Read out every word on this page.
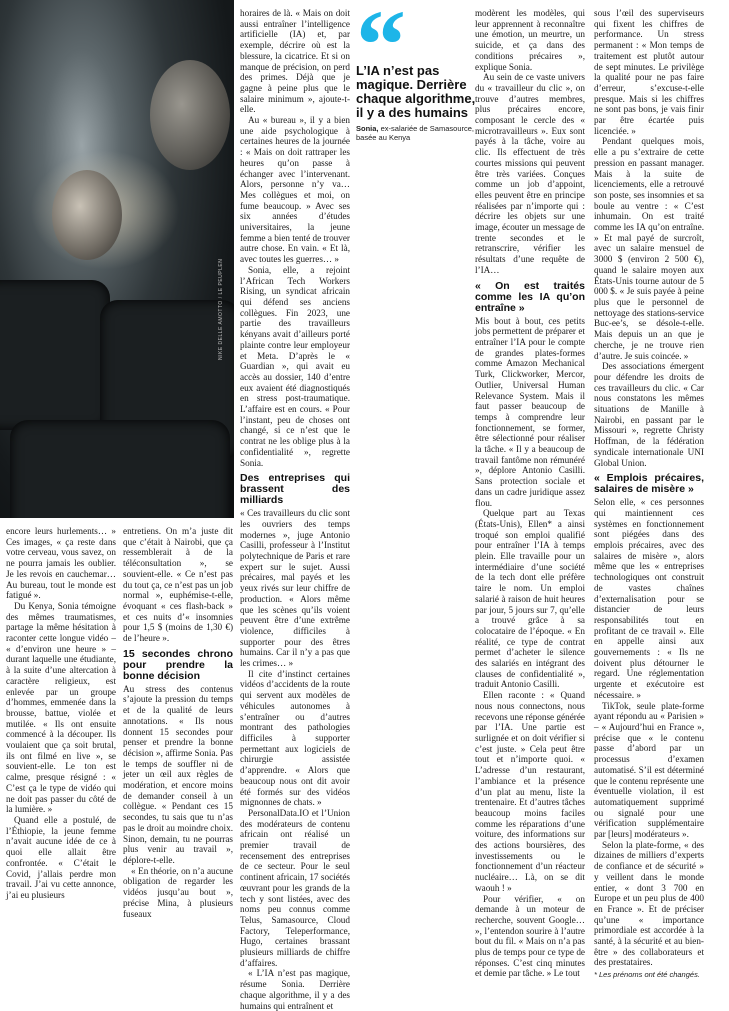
NIKE DELLE AMOTTO / LE PEUPLEN
L’IA n’est pas magique. Derrière chaque algorithme, il y a des humains
Sonia, ex-salariée de Samasource, basée au Kenya

encore leurs hurlements… » Ces images, « ça reste dans votre cerveau, vous savez, on ne pourra jamais les oublier. Je les revois en cauchemar… Au bureau, tout le monde est fatigué ».

Du Kenya, Sonia témoigne des mêmes traumatismes, partage la même hésitation à raconter cette longue vidéo – « d’environ une heure » – durant laquelle une étudiante, à la suite d’une altercation à caractère religieux, est enlevée par un groupe d’hommes, emmenée dans la brousse, battue, violée et mutilée. « Ils ont ensuite commencé à la découper. Ils voulaient que ça soit brutal, ils ont filmé en live », se souvient-elle. Le ton est calme, presque résigné : « C’est ça le type de vidéo qui ne doit pas passer du côté de la lumière. »

Quand elle a postulé, de l’Éthiopie, la jeune femme n’avait aucune idée de ce à quoi elle allait être confrontée. « C’était le Covid, j’allais perdre mon travail. J’ai vu cette annonce, j’ai eu plusieurs

entretiens. On m’a juste dit que c’était à Nairobi, que ça ressemblerait à de la téléconsultation », se souvient-elle. « Ce n’est pas du tout ça, ce n’est pas un job normal », euphémise-t-elle, évoquant « ces flash-back » et ces nuits d’« insomnies pour 1,5 $ (moins de 1,30 €) de l’heure ».

15 secondes chrono pour prendre la bonne décision

Au stress des contenus s’ajoute la pression du temps et de la qualité de leurs annotations. « Ils nous donnent 15 secondes pour penser et prendre la bonne décision », affirme Sonia. Pas le temps de souffler ni de jeter un œil aux règles de modération, et encore moins de demander conseil à un collègue. « Pendant ces 15 secondes, tu sais que tu n’as pas le droit au moindre choix. Sinon, demain, tu ne pourras plus venir au travail », déplore-t-elle.

« En théorie, on n’a aucune obligation de regarder les vidéos jusqu’au bout », précise Mina, à plusieurs fuseaux

horaires de là. « Mais on doit aussi entraîner l’intelligence artificielle (IA) et, par exemple, décrire où est la blessure, la cicatrice. Et si on manque de précision, on perd des primes. Déjà que je gagne à peine plus que le salaire minimum », ajoute-t-elle.

Au « bureau », il y a bien une aide psychologique à certaines heures de la journée : « Mais on doit rattraper les heures qu’on passe à échanger avec l’intervenant. Alors, personne n’y va… Mes collègues et moi, on fume beaucoup. » Avec ses six années d’études universitaires, la jeune femme a bien tenté de trouver autre chose. En vain. « Et là, avec toutes les guerres… »

Sonia, elle, a rejoint l’African Tech Workers Rising, un syndicat africain qui défend ses anciens collègues. Fin 2023, une partie des travailleurs kényans avait d’ailleurs porté plainte contre leur employeur et Meta. D’après le « Guardian », qui avait eu accès au dossier, 140 d’entre eux avaient été diagnostiqués en stress post-traumatique. L’affaire est en cours. « Pour l’instant, peu de choses ont changé, si ce n’est que le contrat ne les oblige plus à la confidentialité », regrette Sonia.

Des entreprises qui brassent des milliards

« Ces travailleurs du clic sont les ouvriers des temps modernes », juge Antonio Casilli, professeur à l’Institut polytechnique de Paris et rare expert sur le sujet. Aussi précaires, mal payés et les yeux rivés sur leur chiffre de production. « Alors même que les scènes qu’ils voient peuvent être d’une extrême violence, difficiles à supporter pour des êtres humains. Car il n’y a pas que les crimes… »

Il cite d’instinct certaines vidéos d’accidents de la route qui servent aux modèles de véhicules autonomes à s’entraîner ou d’autres montrant des pathologies difficiles à supporter permettant aux logiciels de chirurgie assistée d’apprendre. « Alors que beaucoup nous ont dit avoir été formés sur des vidéos mignonnes de chats. »

PersonalData.IO et l’Union des modérateurs de contenu africain ont réalisé un premier travail de recensement des entreprises de ce secteur. Pour le seul continent africain, 17 sociétés œuvrant pour les grands de la tech y sont listées, avec des noms peu connus comme Telus, Samasource, Cloud Factory, Teleperformance, Hugo, certaines brassant plusieurs milliards de chiffre d’affaires.

« L’IA n’est pas magique, résume Sonia. Derrière chaque algorithme, il y a des humains qui entraînent et

modèrent les modèles, qui leur apprennent à reconnaître une émotion, un meurtre, un suicide, et ça dans des conditions précaires », explique Sonia.

Au sein de ce vaste univers du « travailleur du clic », on trouve d’autres membres, plus précaires encore, composant le cercle des « microtravailleurs ». Eux sont payés à la tâche, voire au clic. Ils effectuent de très courtes missions qui peuvent être très variées. Conçues comme un job d’appoint, elles peuvent être en principe réalisées par n’importe qui : décrire les objets sur une image, écouter un message de trente secondes et le retranscrire, vérifier les résultats d’une requête de l’IA…

« On est traités comme les IA qu’on entraîne »

Mis bout à bout, ces petits jobs permettent de préparer et entraîner l’IA pour le compte de grandes plates-formes comme Amazon Mechanical Turk, Clickworker, Mercor, Outlier, Universal Human Relevance System. Mais il faut passer beaucoup de temps à comprendre leur fonctionnement, se former, être sélectionné pour réaliser la tâche. « Il y a beaucoup de travail fantôme non rémunéré », déplore Antonio Casilli. Sans protection sociale et dans un cadre juridique assez flou.

Quelque part au Texas (États-Unis), Ellen* a ainsi troqué son emploi qualifié pour entraîner l’IA à temps plein. Elle travaille pour un intermédiaire d’une société de la tech dont elle préfère taire le nom. Un emploi salarié à raison de huit heures par jour, 5 jours sur 7, qu’elle a trouvé grâce à sa colocataire de l’époque. « En réalité, ce type de contrat permet d’acheter le silence des salariés en intégrant des clauses de confidentialité », traduit Antonio Casilli.

Ellen raconte : « Quand nous nous connectons, nous recevons une réponse générée par l’IA. Une partie est surlignée et on doit vérifier si c’est juste. » Cela peut être tout et n’importe quoi. « L’adresse d’un restaurant, l’ambiance et la présence d’un plat au menu, liste la trentenaire. Et d’autres tâches beaucoup moins faciles comme les réparations d’une voiture, des informations sur des actions boursières, des investissements ou le fonctionnement d’un réacteur nucléaire… Là, on se dit waouh ! »

Pour vérifier, « on demande à un moteur de recherche, souvent Google… », l’entendon sourire à l’autre bout du fil. « Mais on n’a pas plus de temps pour ce type de réponses. C’est cinq minutes et demie par tâche. » Le tout

sous l’œil des superviseurs qui fixent les chiffres de performance. Un stress permanent : « Mon temps de traitement est plutôt autour de sept minutes. Le privilège la qualité pour ne pas faire d’erreur, s’excuse-t-elle presque. Mais si les chiffres ne sont pas bons, je vais finir par être écartée puis licenciée. »

Pendant quelques mois, elle a pu s’extraire de cette pression en passant manager. Mais à la suite de licenciements, elle a retrouvé son poste, ses insomnies et sa boule au ventre : « C’est inhumain. On est traité comme les IA qu’on entraîne. » Et mal payé de surcroît, avec un salaire mensuel de 3000 $ (environ 2 500 €), quand le salaire moyen aux États-Unis tourne autour de 5 000 $. « Je suis payée à peine plus que le personnel de nettoyage des stations-service Buc-ee’s, se désole-t-elle. Mais depuis un an que je cherche, je ne trouve rien d’autre. Je suis coincée. »

Des associations émergent pour défendre les droits de ces travailleurs du clic. « Car nous constatons les mêmes situations de Manille à Nairobi, en passant par le Missouri », regrette Christy Hoffman, de la fédération syndicale internationale UNI Global Union.

« Emplois précaires, salaires de misère »

Selon elle, « ces personnes qui maintiennent ces systèmes en fonctionnement sont piégées dans des emplois précaires, avec des salaires de misère », alors même que les « entreprises technologiques ont construit de vastes chaînes d’externalisation pour se distancier de leurs responsabilités tout en profitant de ce travail ». Elle en appelle ainsi aux gouvernements : « Ils ne doivent plus détourner le regard. Une réglementation urgente et exécutoire est nécessaire. »

TikTok, seule plate-forme ayant répondu au « Parisien » – « Aujourd’hui en France », précise que « le contenu passe d’abord par un processus d’examen automatisé. S’il est déterminé que le contenu représente une éventuelle violation, il est automatiquement supprimé ou signalé pour une vérification supplémentaire par [leurs] modérateurs ».

Selon la plate-forme, « des dizaines de milliers d’experts de confiance et de sécurité » y veillent dans le monde entier, « dont 3 700 en Europe et un peu plus de 400 en France ». Et de préciser qu’une « importance primordiale est accordée à la santé, à la sécurité et au bien-être » des collaborateurs et des prestataires.

* Les prénoms ont été changés.
